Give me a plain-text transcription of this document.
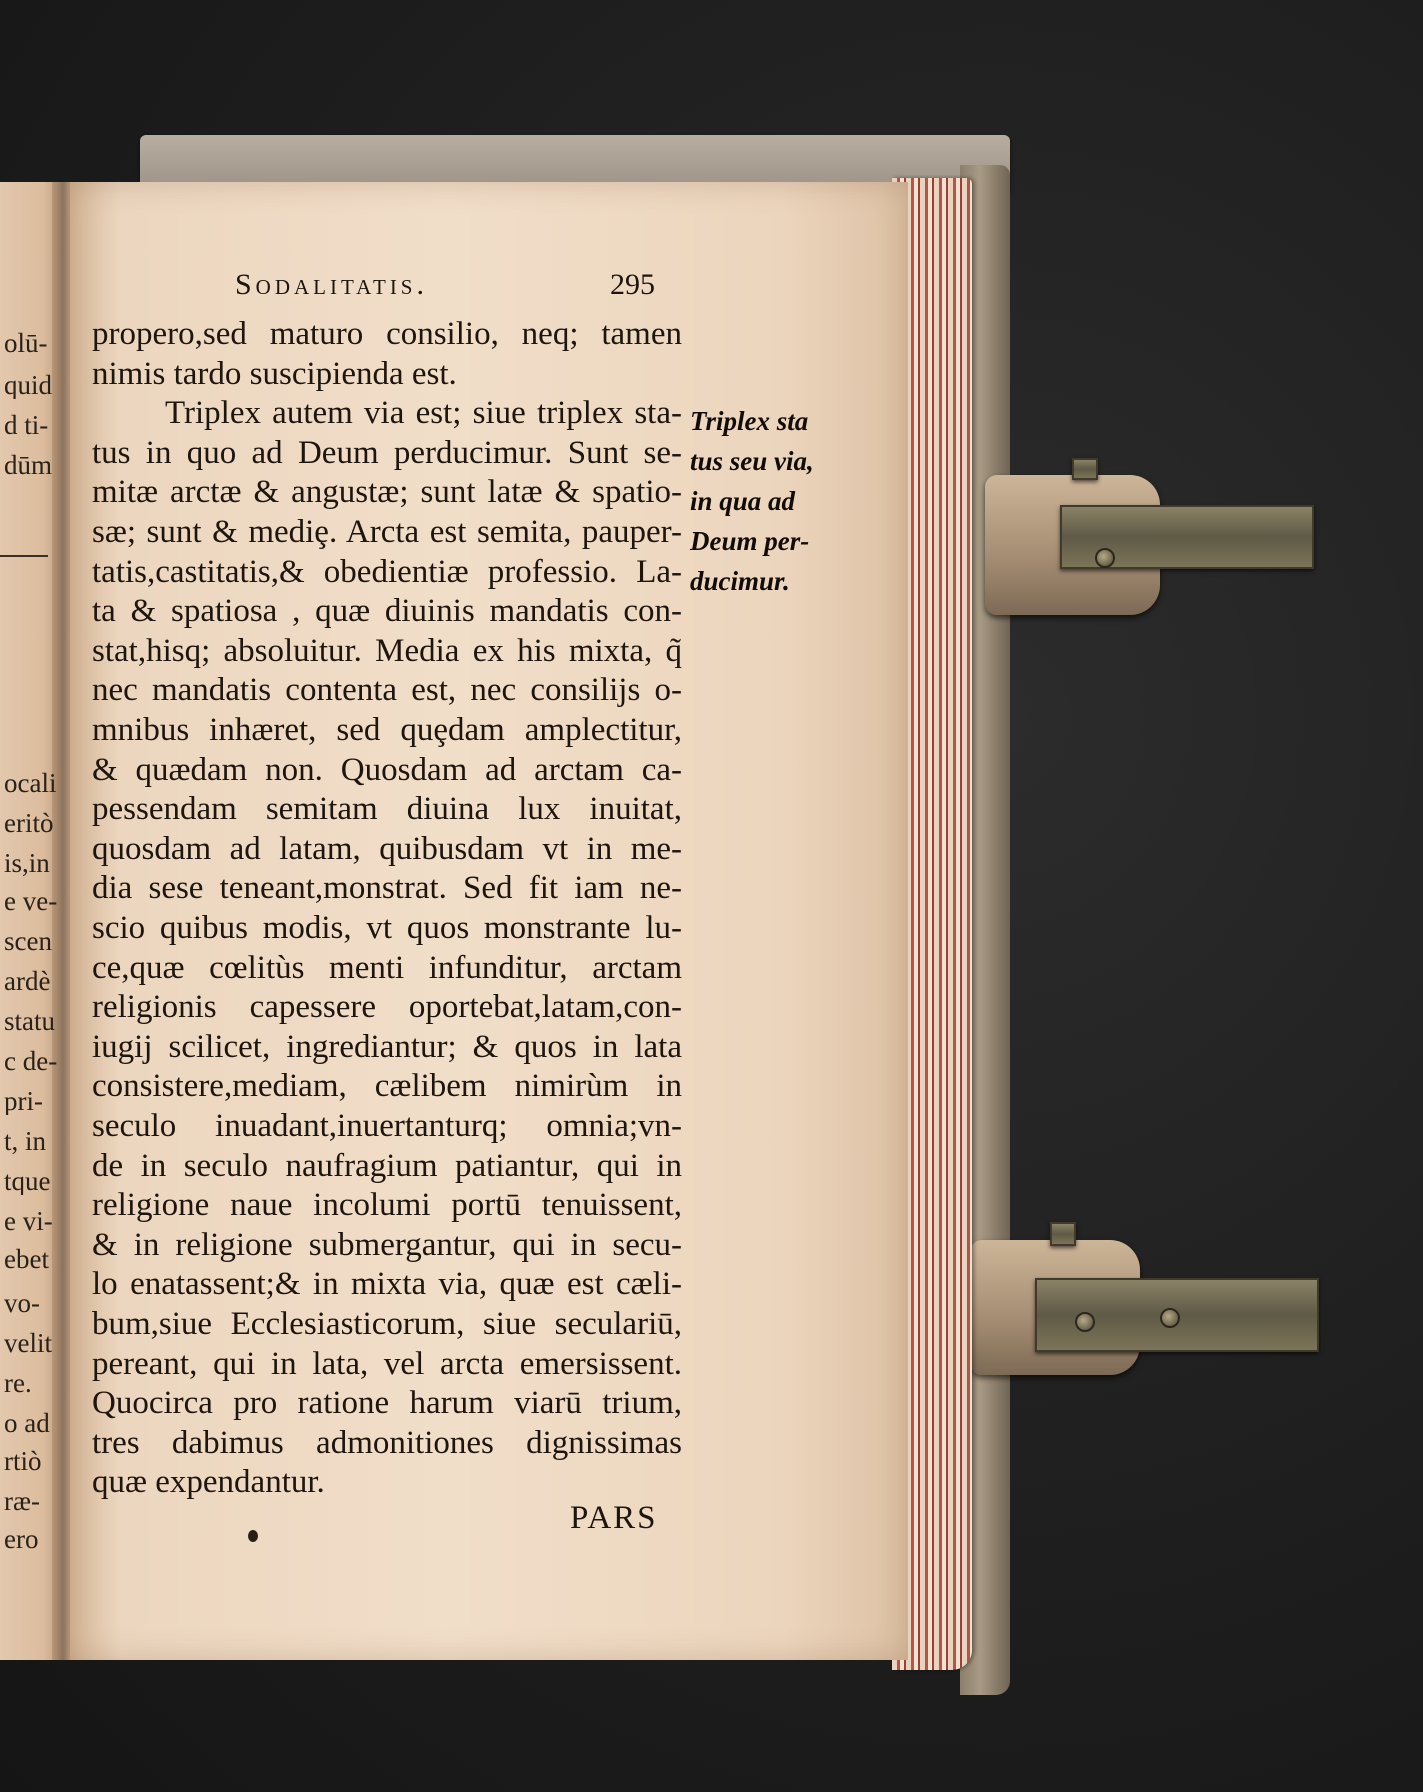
olū-
quid
d ti-
dūm
ocali
eritò
is,in
e ve-
scen
ardè
statu
c de-
pri-
t, in
tque
e vi-
ebet
vo-
velit
re.
o ad
rtiò
ræ-
ero
Sodalitatis.	295
propero,sed maturo consilio, neq; tamen
nimis tardo suscipienda est.
Triplex autem via est; siue triplex sta-
tus in quo ad Deum perducimur. Sunt se-
mitæ arctæ & angustæ; sunt latæ & spatio-
sæ; sunt & mediȩ. Arcta est semita, pauper-
tatis,castitatis,& obedientiæ professio. La-
ta & spatiosa , quæ diuinis mandatis con-
stat,hisq; absoluitur. Media ex his mixta, q̃
nec mandatis contenta est, nec consilijs o-
mnibus inhæret, sed quȩdam amplectitur,
& quædam non. Quosdam ad arctam ca-
pessendam semitam diuina lux inuitat,
quosdam ad latam, quibusdam vt in me-
dia sese teneant,monstrat. Sed fit iam ne-
scio quibus modis, vt quos monstrante lu-
ce,quæ cœlitùs menti infunditur, arctam
religionis capessere oportebat,latam,con-
iugij scilicet, ingrediantur; & quos in lata
consistere,mediam, cælibem nimirùm in
seculo inuadant,inuertanturq; omnia;vn-
de in seculo naufragium patiantur, qui in
religione naue incolumi portū tenuissent,
& in religione submergantur, qui in secu-
lo enatassent;& in mixta via, quæ est cæli-
bum,siue Ecclesiasticorum, siue seculariū,
pereant, qui in lata, vel arcta emersissent.
Quocirca pro ratione harum viarū trium,
tres dabimus admonitiones dignissimas
quæ expendantur.
Triplex sta
tus seu via,
in qua ad
Deum per-
ducimur.
PARS
